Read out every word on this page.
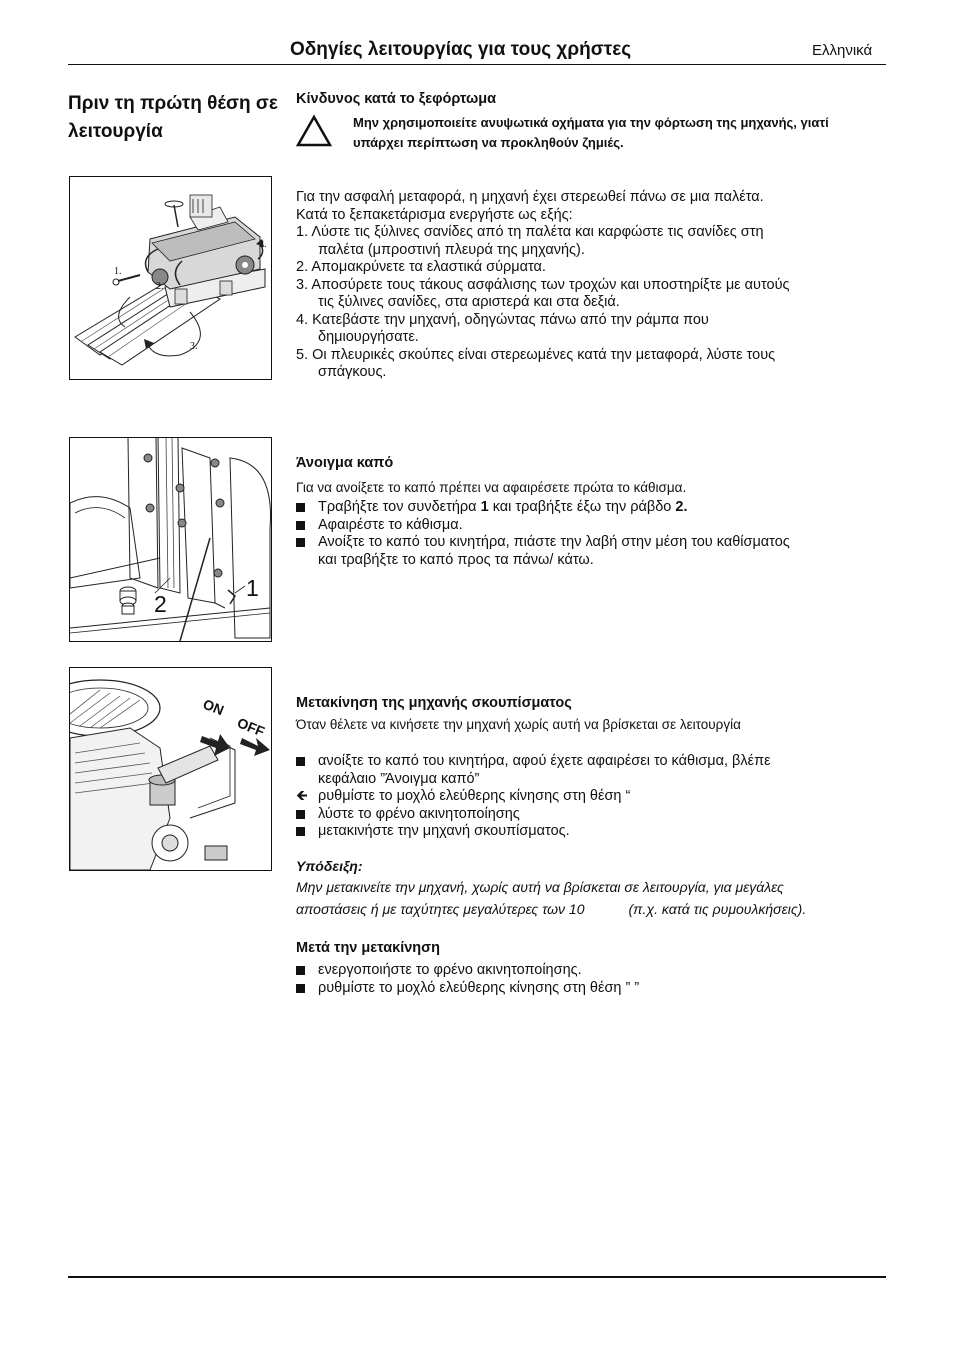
Οδηγίες λειτουργίας για τους χρήστες	Ελληνικά
Πριν τη πρώτη θέση σε λειτουργία
Κίνδυνος κατά το ξεφόρτωμα
Μην χρησιμοποιείτε ανυψωτικά οχήματα για την φόρτωση της μηχανής, γιατί υπάρχει περίπτωση να προκληθούν ζημιές.
1.
2.
2.
3.
Για την ασφαλή μεταφορά, η μηχανή έχει στερεωθεί πάνω σε μια παλέτα.
Κατά το ξεπακετάρισμα ενεργήστε ως εξής:
1. Λύστε τις ξύλινες σανίδες από τη παλέτα και καρφώστε τις σανίδες στη
παλέτα (μπροστινή πλευρά της μηχανής).
2. Απομακρύνετε τα ελαστικά σύρματα.
3. Αποσύρετε τους τάκους ασφάλισης των τροχών και υποστηρίξτε με αυτούς
τις ξύλινες σανίδες, στα αριστερά και στα δεξιά.
4. Κατεβάστε την μηχανή, οδηγώντας πάνω από την ράμπα που
δημιουργήσατε.
5. Οι πλευρικές σκούπες είναι στερεωμένες κατά την μεταφορά, λύστε τους
σπάγκους.
1
2
Άνοιγμα καπό
Για να ανοίξετε το καπό πρέπει να αφαιρέσετε πρώτα το κάθισμα.
Τραβήξτε τον συνδετήρα 1 και τραβήξτε έξω την ράβδο 2.
Αφαιρέστε το κάθισμα.
Ανοίξτε το καπό του κινητήρα, πιάστε την λαβή στην μέση του καθίσματος
και τραβήξτε το καπό προς τα πάνω/ κάτω.
ON
OFF
Μετακίνηση της μηχανής σκουπίσματος
Όταν θέλετε να κινήσετε την μηχανή χωρίς αυτή να βρίσκεται σε λειτουργία
ανοίξτε το καπό του κινητήρα, αφού έχετε αφαιρέσει το κάθισμα, βλέπε
κεφάλαιο ”Άνοιγμα καπό”
🡸 ρυθμίστε το μοχλό ελεύθερης κίνησης στη θέση “
λύστε το φρένο ακινητοποίησης
μετακινήστε την μηχανή σκουπίσματος.
Υπόδειξη:
Μην μετακινείτε την μηχανή, χωρίς αυτή να βρίσκεται σε λειτουργία, για μεγάλες
αποστάσεις ή με ταχύτητες μεγαλύτερες των 10	(π.χ. κατά τις ρυμουλκήσεις).
Μετά την μετακίνηση
ενεργοποιήστε το φρένο ακινητοποίησης.
ρυθμίστε το μοχλό ελεύθερης κίνησης στη θέση ” ”
